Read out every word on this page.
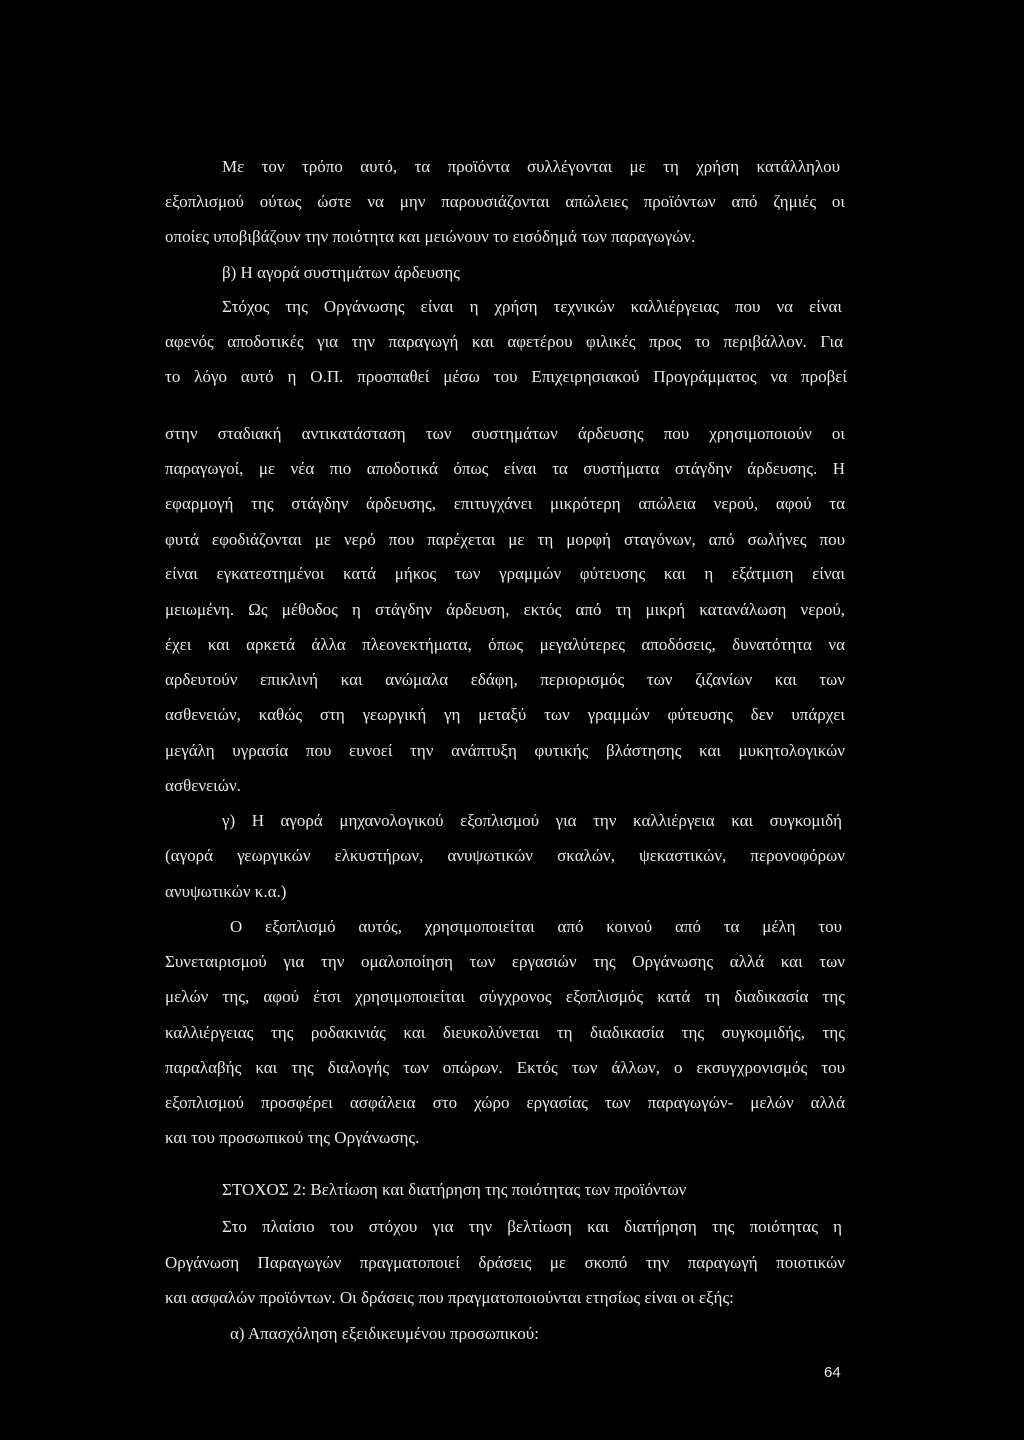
Με τον τρόπο αυτό, τα προϊόντα συλλέγονται με τη χρήση κατάλληλου
εξοπλισμού ούτως ώστε να μην παρουσιάζονται απώλειες προϊόντων από ζημιές οι
οποίες υποβιβάζουν την ποιότητα και μειώνουν το εισόδημά των παραγωγών.
β) Η αγορά συστημάτων άρδευσης
Στόχος της Οργάνωσης είναι η χρήση τεχνικών καλλιέργειας που να είναι
αφενός αποδοτικές για την παραγωγή και αφετέρου φιλικές προς το περιβάλλον. Για
το λόγο αυτό η Ο.Π. προσπαθεί μέσω του Επιχειρησιακού Προγράμματος να προβεί
στην σταδιακή αντικατάσταση των συστημάτων άρδευσης που χρησιμοποιούν οι
παραγωγοί, με νέα πιο αποδοτικά όπως είναι τα συστήματα στάγδην άρδευσης. Η
εφαρμογή της στάγδην άρδευσης, επιτυγχάνει μικρότερη απώλεια νερού, αφού τα
φυτά εφοδιάζονται με νερό που παρέχεται με τη μορφή σταγόνων, από σωλήνες που
είναι εγκατεστημένοι κατά μήκος των γραμμών φύτευσης και η εξάτμιση είναι
μειωμένη. Ως μέθοδος η στάγδην άρδευση, εκτός από τη μικρή κατανάλωση νερού,
έχει και αρκετά άλλα πλεονεκτήματα, όπως μεγαλύτερες αποδόσεις, δυνατότητα να
αρδευτούν επικλινή και ανώμαλα εδάφη, περιορισμός των ζιζανίων και των
ασθενειών, καθώς στη γεωργική γη μεταξύ των γραμμών φύτευσης δεν υπάρχει
μεγάλη υγρασία που ευνοεί την ανάπτυξη φυτικής βλάστησης και μυκητολογικών
ασθενειών.
γ) Η αγορά μηχανολογικού εξοπλισμού για την καλλιέργεια και συγκομιδή
(αγορά γεωργικών ελκυστήρων, ανυψωτικών σκαλών, ψεκαστικών, περονοφόρων
ανυψωτικών κ.α.)
Ο εξοπλισμό αυτός, χρησιμοποιείται από κοινού από τα μέλη του
Συνεταιρισμού για την ομαλοποίηση των εργασιών της Οργάνωσης αλλά και των
μελών της, αφού έτσι χρησιμοποιείται σύγχρονος εξοπλισμός κατά τη διαδικασία της
καλλιέργειας της ροδακινιάς και διευκολύνεται τη διαδικασία της συγκομιδής, της
παραλαβής και της διαλογής των οπώρων. Εκτός των άλλων, ο εκσυγχρονισμός του
εξοπλισμού προσφέρει ασφάλεια στο χώρο εργασίας των παραγωγών- μελών αλλά
και του προσωπικού της Οργάνωσης.
ΣΤΟΧΟΣ 2: Βελτίωση και διατήρηση της ποιότητας των προϊόντων
Στο πλαίσιο του στόχου για την βελτίωση και διατήρηση της ποιότητας η
Οργάνωση Παραγωγών πραγματοποιεί δράσεις με σκοπό την παραγωγή ποιοτικών
και ασφαλών προϊόντων. Οι δράσεις που πραγματοποιούνται ετησίως είναι οι εξής:
α) Απασχόληση εξειδικευμένου προσωπικού:
64
